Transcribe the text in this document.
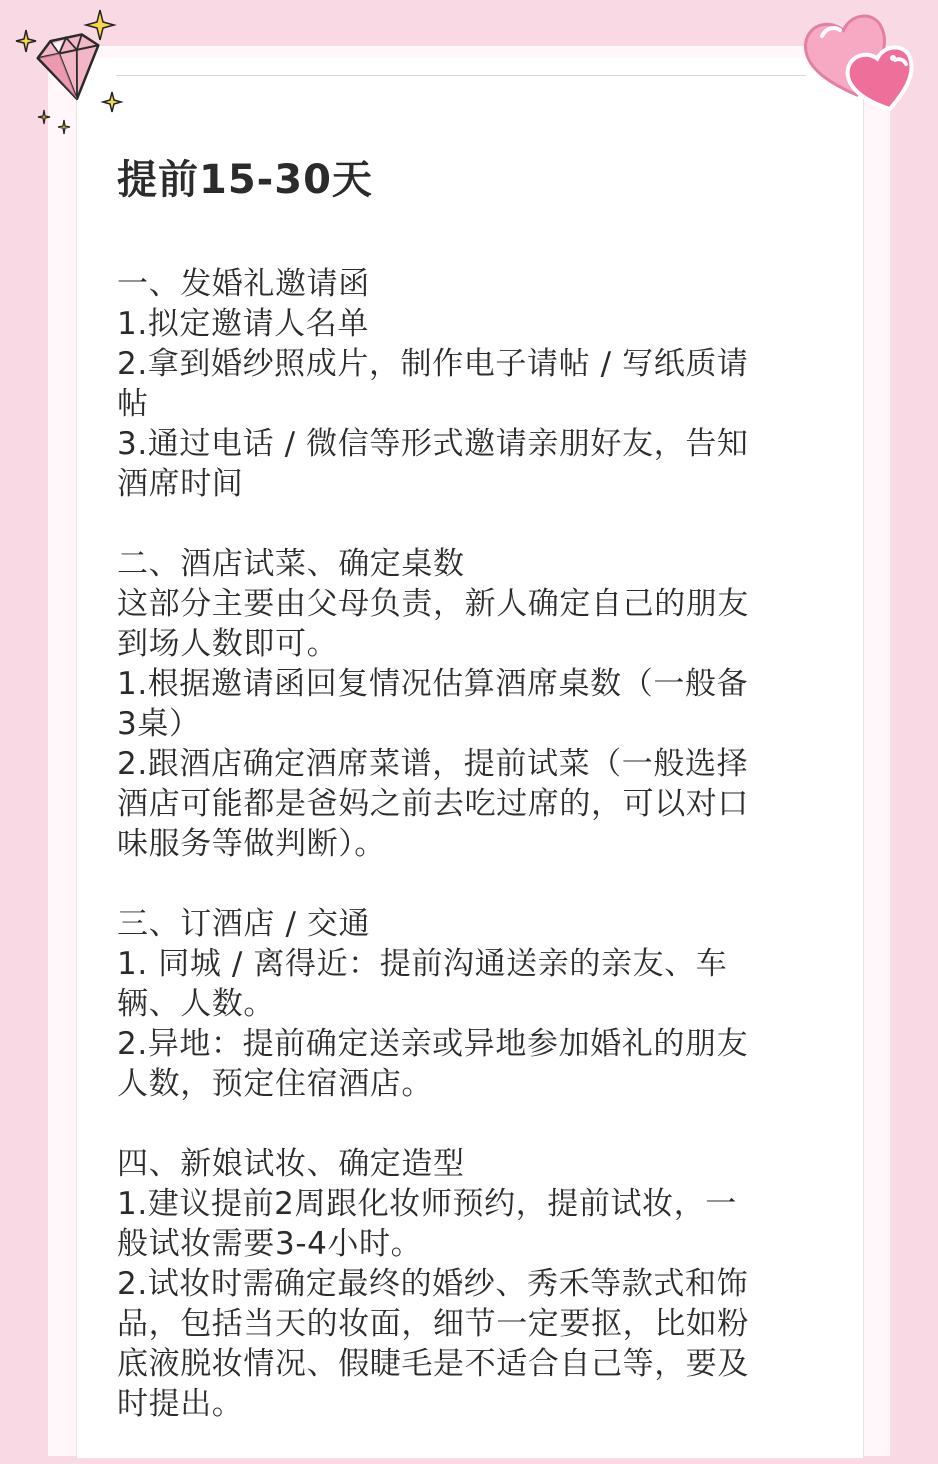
提前15-30天
一、发婚礼邀请函
1.拟定邀请人名单
2.拿到婚纱照成片，制作电子请帖 / 写纸质请
帖
3.通过电话 / 微信等形式邀请亲朋好友，告知
酒席时间
二、酒店试菜、确定桌数
这部分主要由父母负责，新人确定自己的朋友
到场人数即可。
1.根据邀请函回复情况估算酒席桌数（一般备
3桌）
2.跟酒店确定酒席菜谱，提前试菜（一般选择
酒店可能都是爸妈之前去吃过席的，可以对口
味服务等做判断）。
三、订酒店 / 交通
1. 同城 / 离得近：提前沟通送亲的亲友、车
辆、人数。
2.异地：提前确定送亲或异地参加婚礼的朋友
人数，预定住宿酒店。
四、新娘试妆、确定造型
1.建议提前2周跟化妆师预约，提前试妆，一
般试妆需要3-4小时。
2.试妆时需确定最终的婚纱、秀禾等款式和饰
品，包括当天的妆面，细节一定要抠，比如粉
底液脱妆情况、假睫毛是不适合自己等，要及
时提出。
